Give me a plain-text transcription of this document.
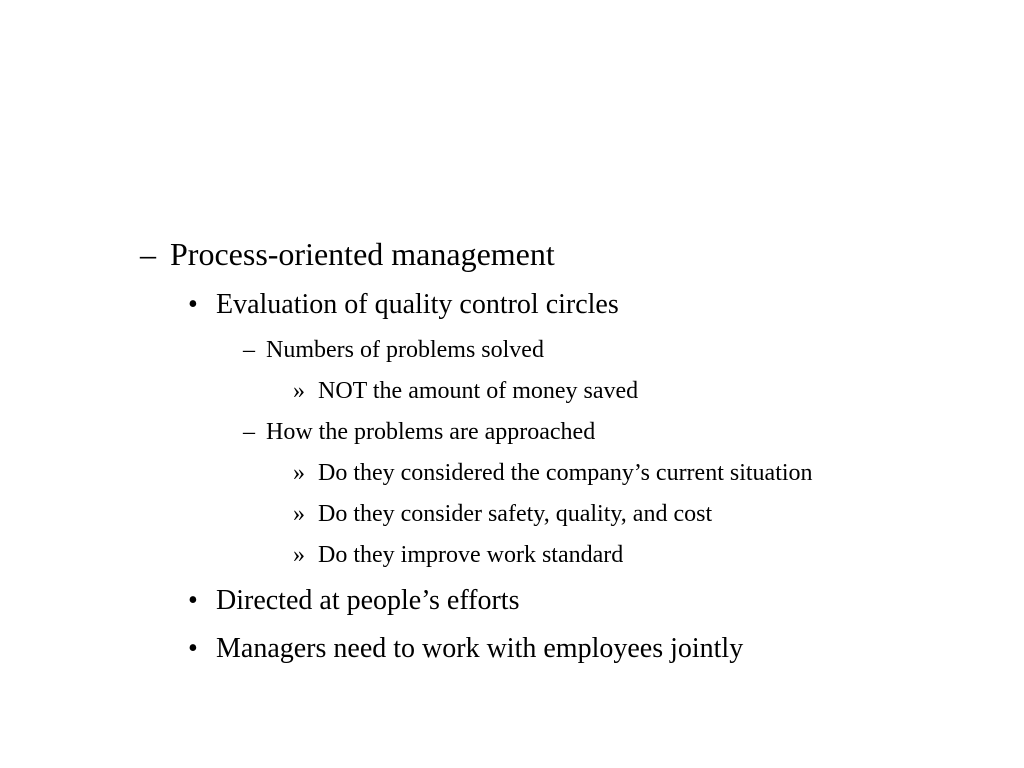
– Process-oriented management
• Evaluation of quality control circles
– Numbers of problems solved
» NOT the amount of money saved
– How the problems are approached
» Do they considered the company’s current situation
» Do they consider safety, quality, and cost
» Do they improve work standard
• Directed at people’s efforts
• Managers need to work with employees jointly
